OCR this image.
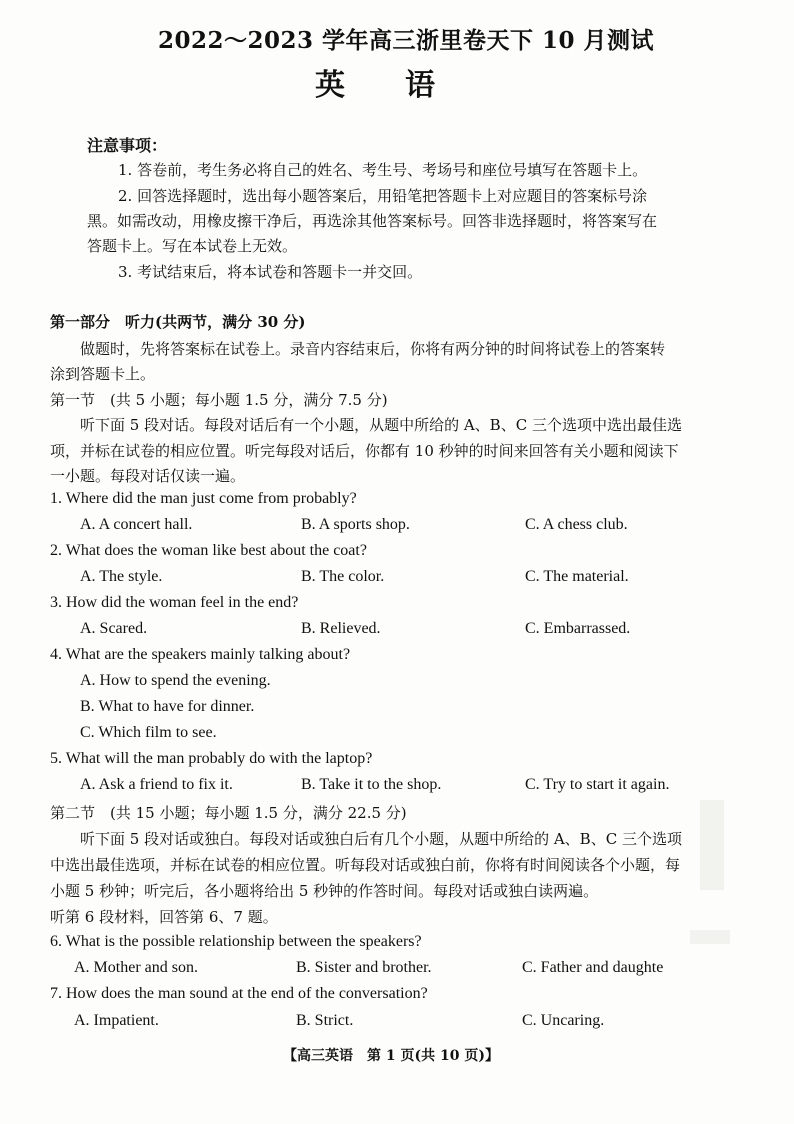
2022～2023 学年高三浙里卷天下 10 月测试
英　　语
注意事项：
1. 答卷前，考生务必将自己的姓名、考生号、考场号和座位号填写在答题卡上。
2. 回答选择题时，选出每小题答案后，用铅笔把答题卡上对应题目的答案标号涂
黑。如需改动，用橡皮擦干净后，再选涂其他答案标号。回答非选择题时，将答案写在
答题卡上。写在本试卷上无效。
3. 考试结束后，将本试卷和答题卡一并交回。
第一部分　听力(共两节，满分 30 分)
做题时，先将答案标在试卷上。录音内容结束后，你将有两分钟的时间将试卷上的答案转
涂到答题卡上。
第一节　(共 5 小题；每小题 1.5 分，满分 7.5 分)
听下面 5 段对话。每段对话后有一个小题，从题中所给的 A、B、C 三个选项中选出最佳选
项，并标在试卷的相应位置。听完每段对话后，你都有 10 秒钟的时间来回答有关小题和阅读下
一小题。每段对话仅读一遍。
1. Where did the man just come from probably?
A. A concert hall.	B. A sports shop.	C. A chess club.
2. What does the woman like best about the coat?
A. The style.	B. The color.	C. The material.
3. How did the woman feel in the end?
A. Scared.	B. Relieved.	C. Embarrassed.
4. What are the speakers mainly talking about?
A. How to spend the evening.
B. What to have for dinner.
C. Which film to see.
5. What will the man probably do with the laptop?
A. Ask a friend to fix it.	B. Take it to the shop.	C. Try to start it again.
第二节　(共 15 小题；每小题 1.5 分，满分 22.5 分)
听下面 5 段对话或独白。每段对话或独白后有几个小题，从题中所给的 A、B、C 三个选项
中选出最佳选项，并标在试卷的相应位置。听每段对话或独白前，你将有时间阅读各个小题，每
小题 5 秒钟；听完后，各小题将给出 5 秒钟的作答时间。每段对话或独白读两遍。
听第 6 段材料，回答第 6、7 题。
6. What is the possible relationship between the speakers?
A. Mother and son.	B. Sister and brother.	C. Father and daughte
7. How does the man sound at the end of the conversation?
A. Impatient.	B. Strict.	C. Uncaring.
【高三英语　第 1 页(共 10 页)】
